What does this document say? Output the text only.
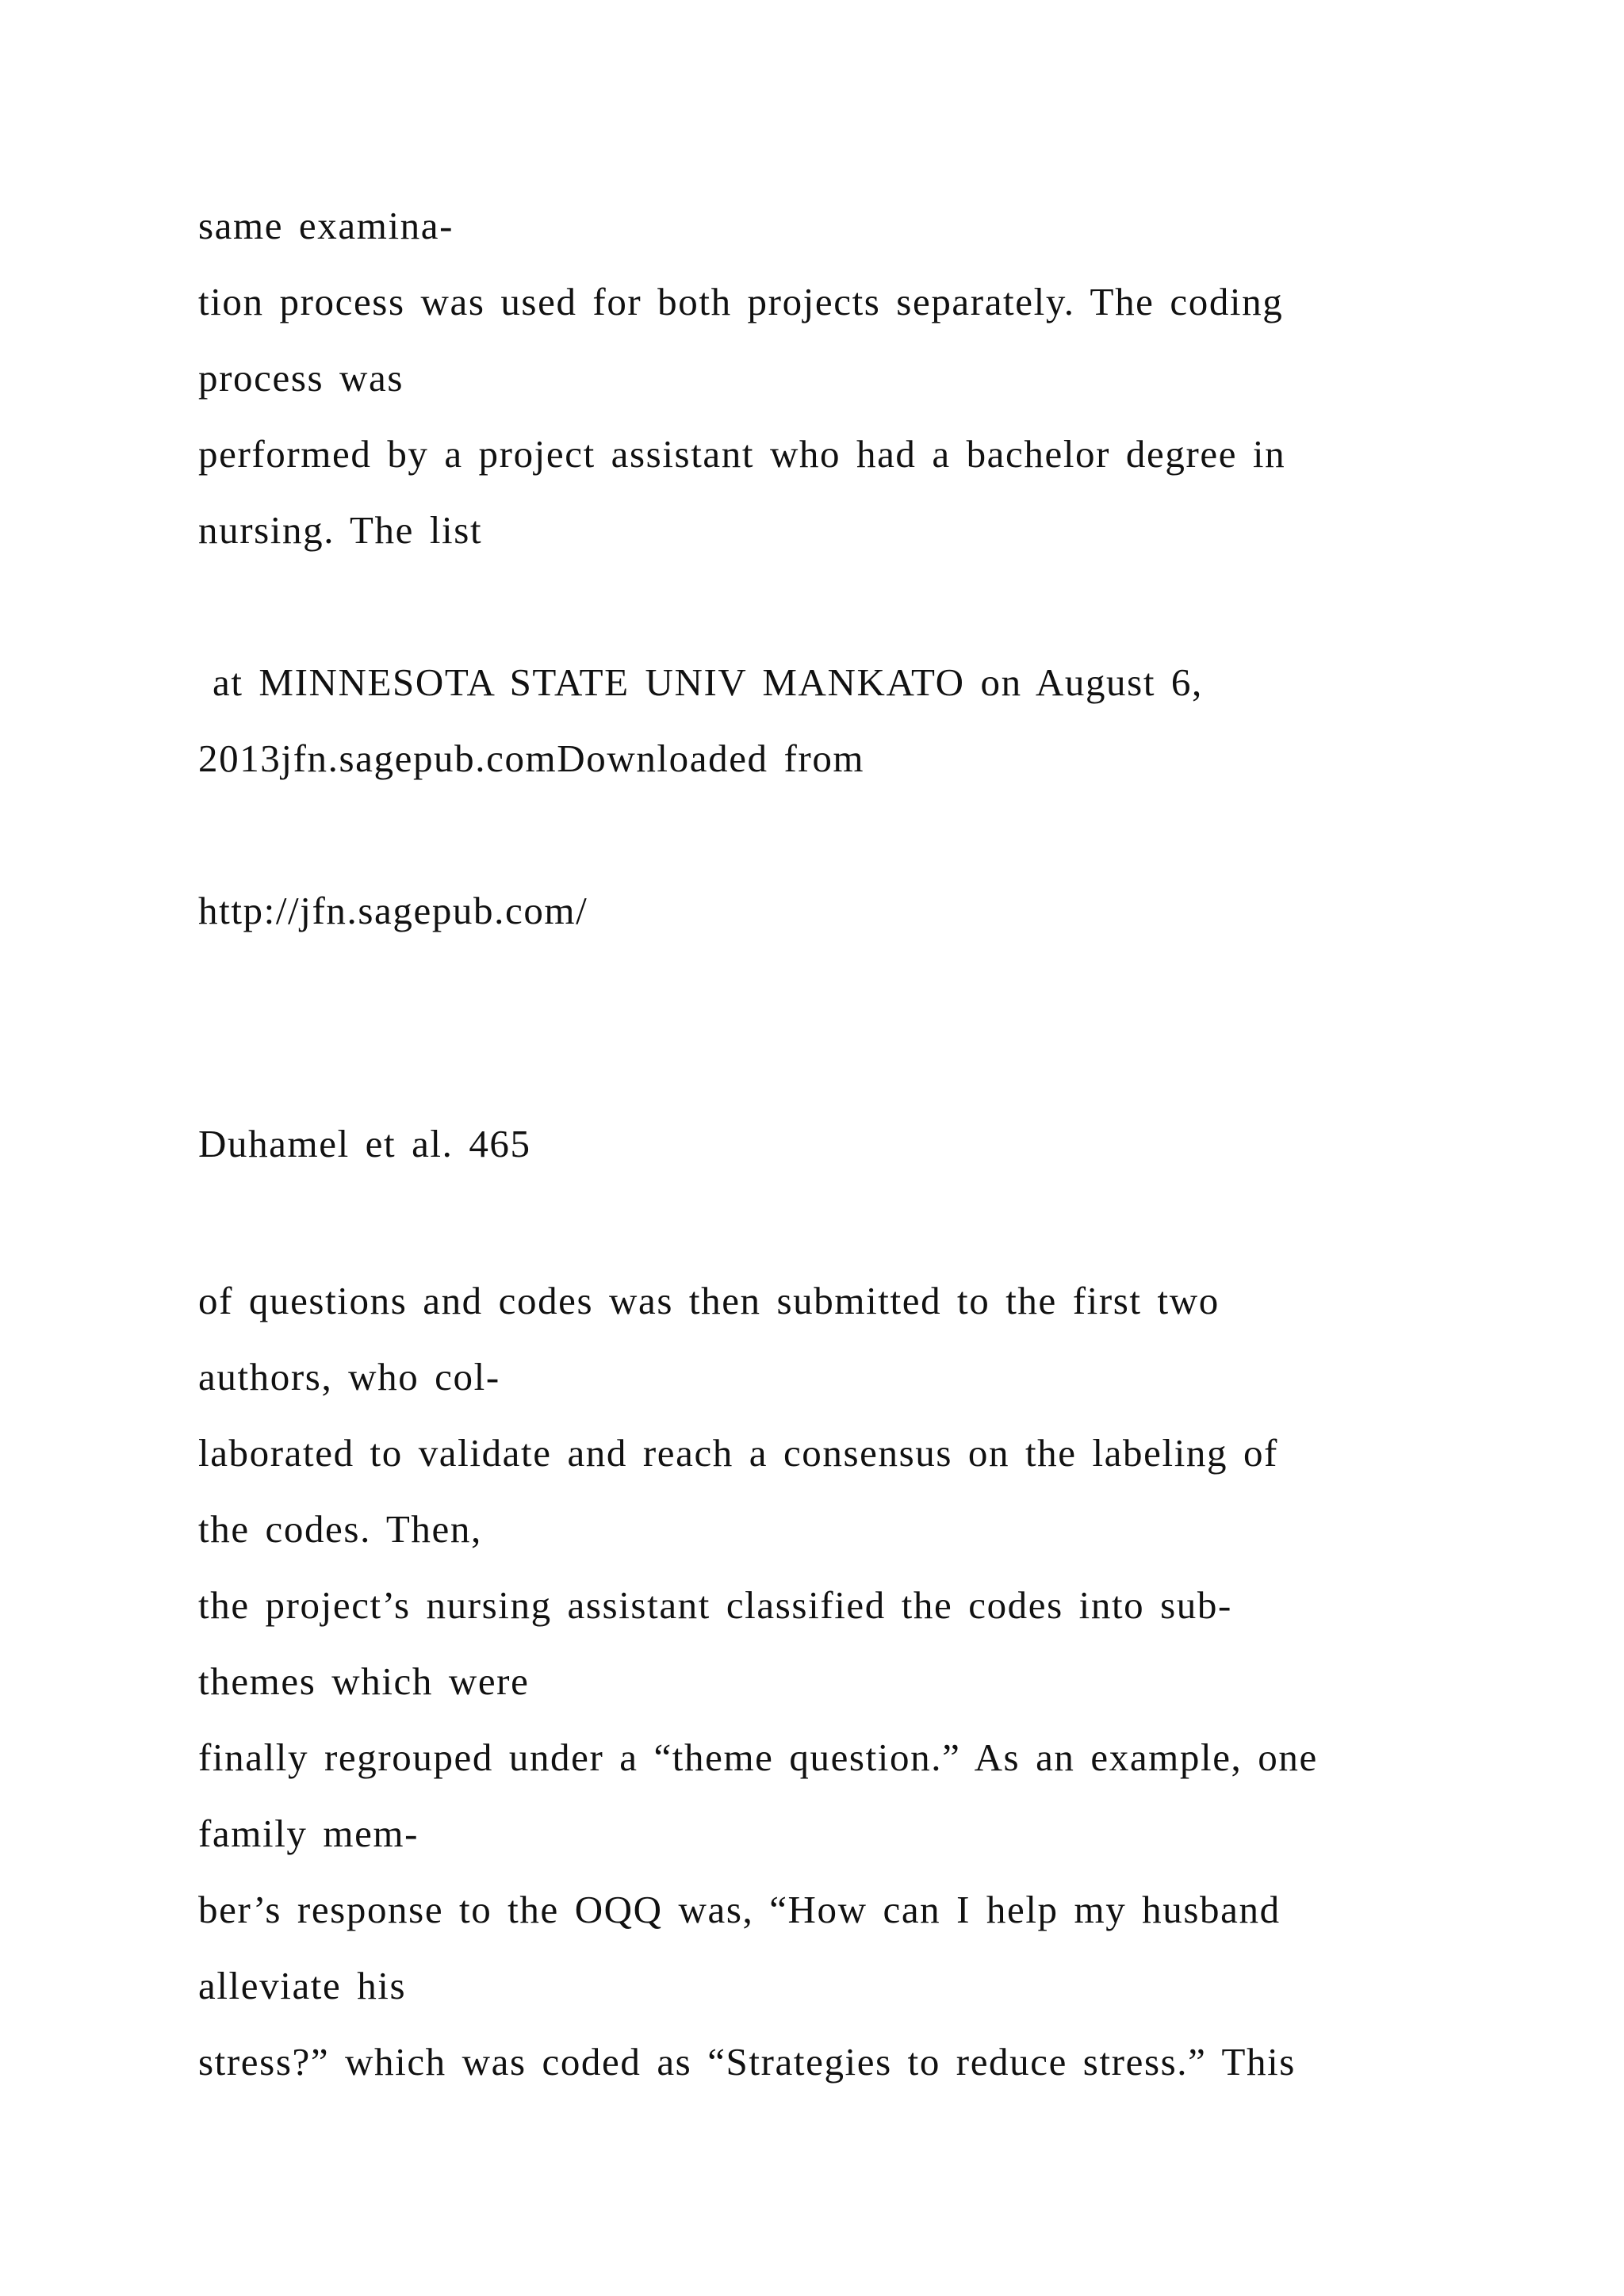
same examina-

tion process was used for both projects separately. The coding

process was

performed by a project assistant who had a bachelor degree in

nursing. The list

at MINNESOTA STATE UNIV MANKATO on August 6,

2013jfn.sagepub.comDownloaded from

http://jfn.sagepub.com/

Duhamel et al. 465

of questions and codes was then submitted to the first two

authors, who col-

laborated to validate and reach a consensus on the labeling of

the codes. Then,

the project’s nursing assistant classified the codes into sub-

themes which were

finally regrouped under a “theme question.” As an example, one

family mem-

ber’s response to the OQQ was, “How can I help my husband

alleviate his

stress?” which was coded as “Strategies to reduce stress.” This
